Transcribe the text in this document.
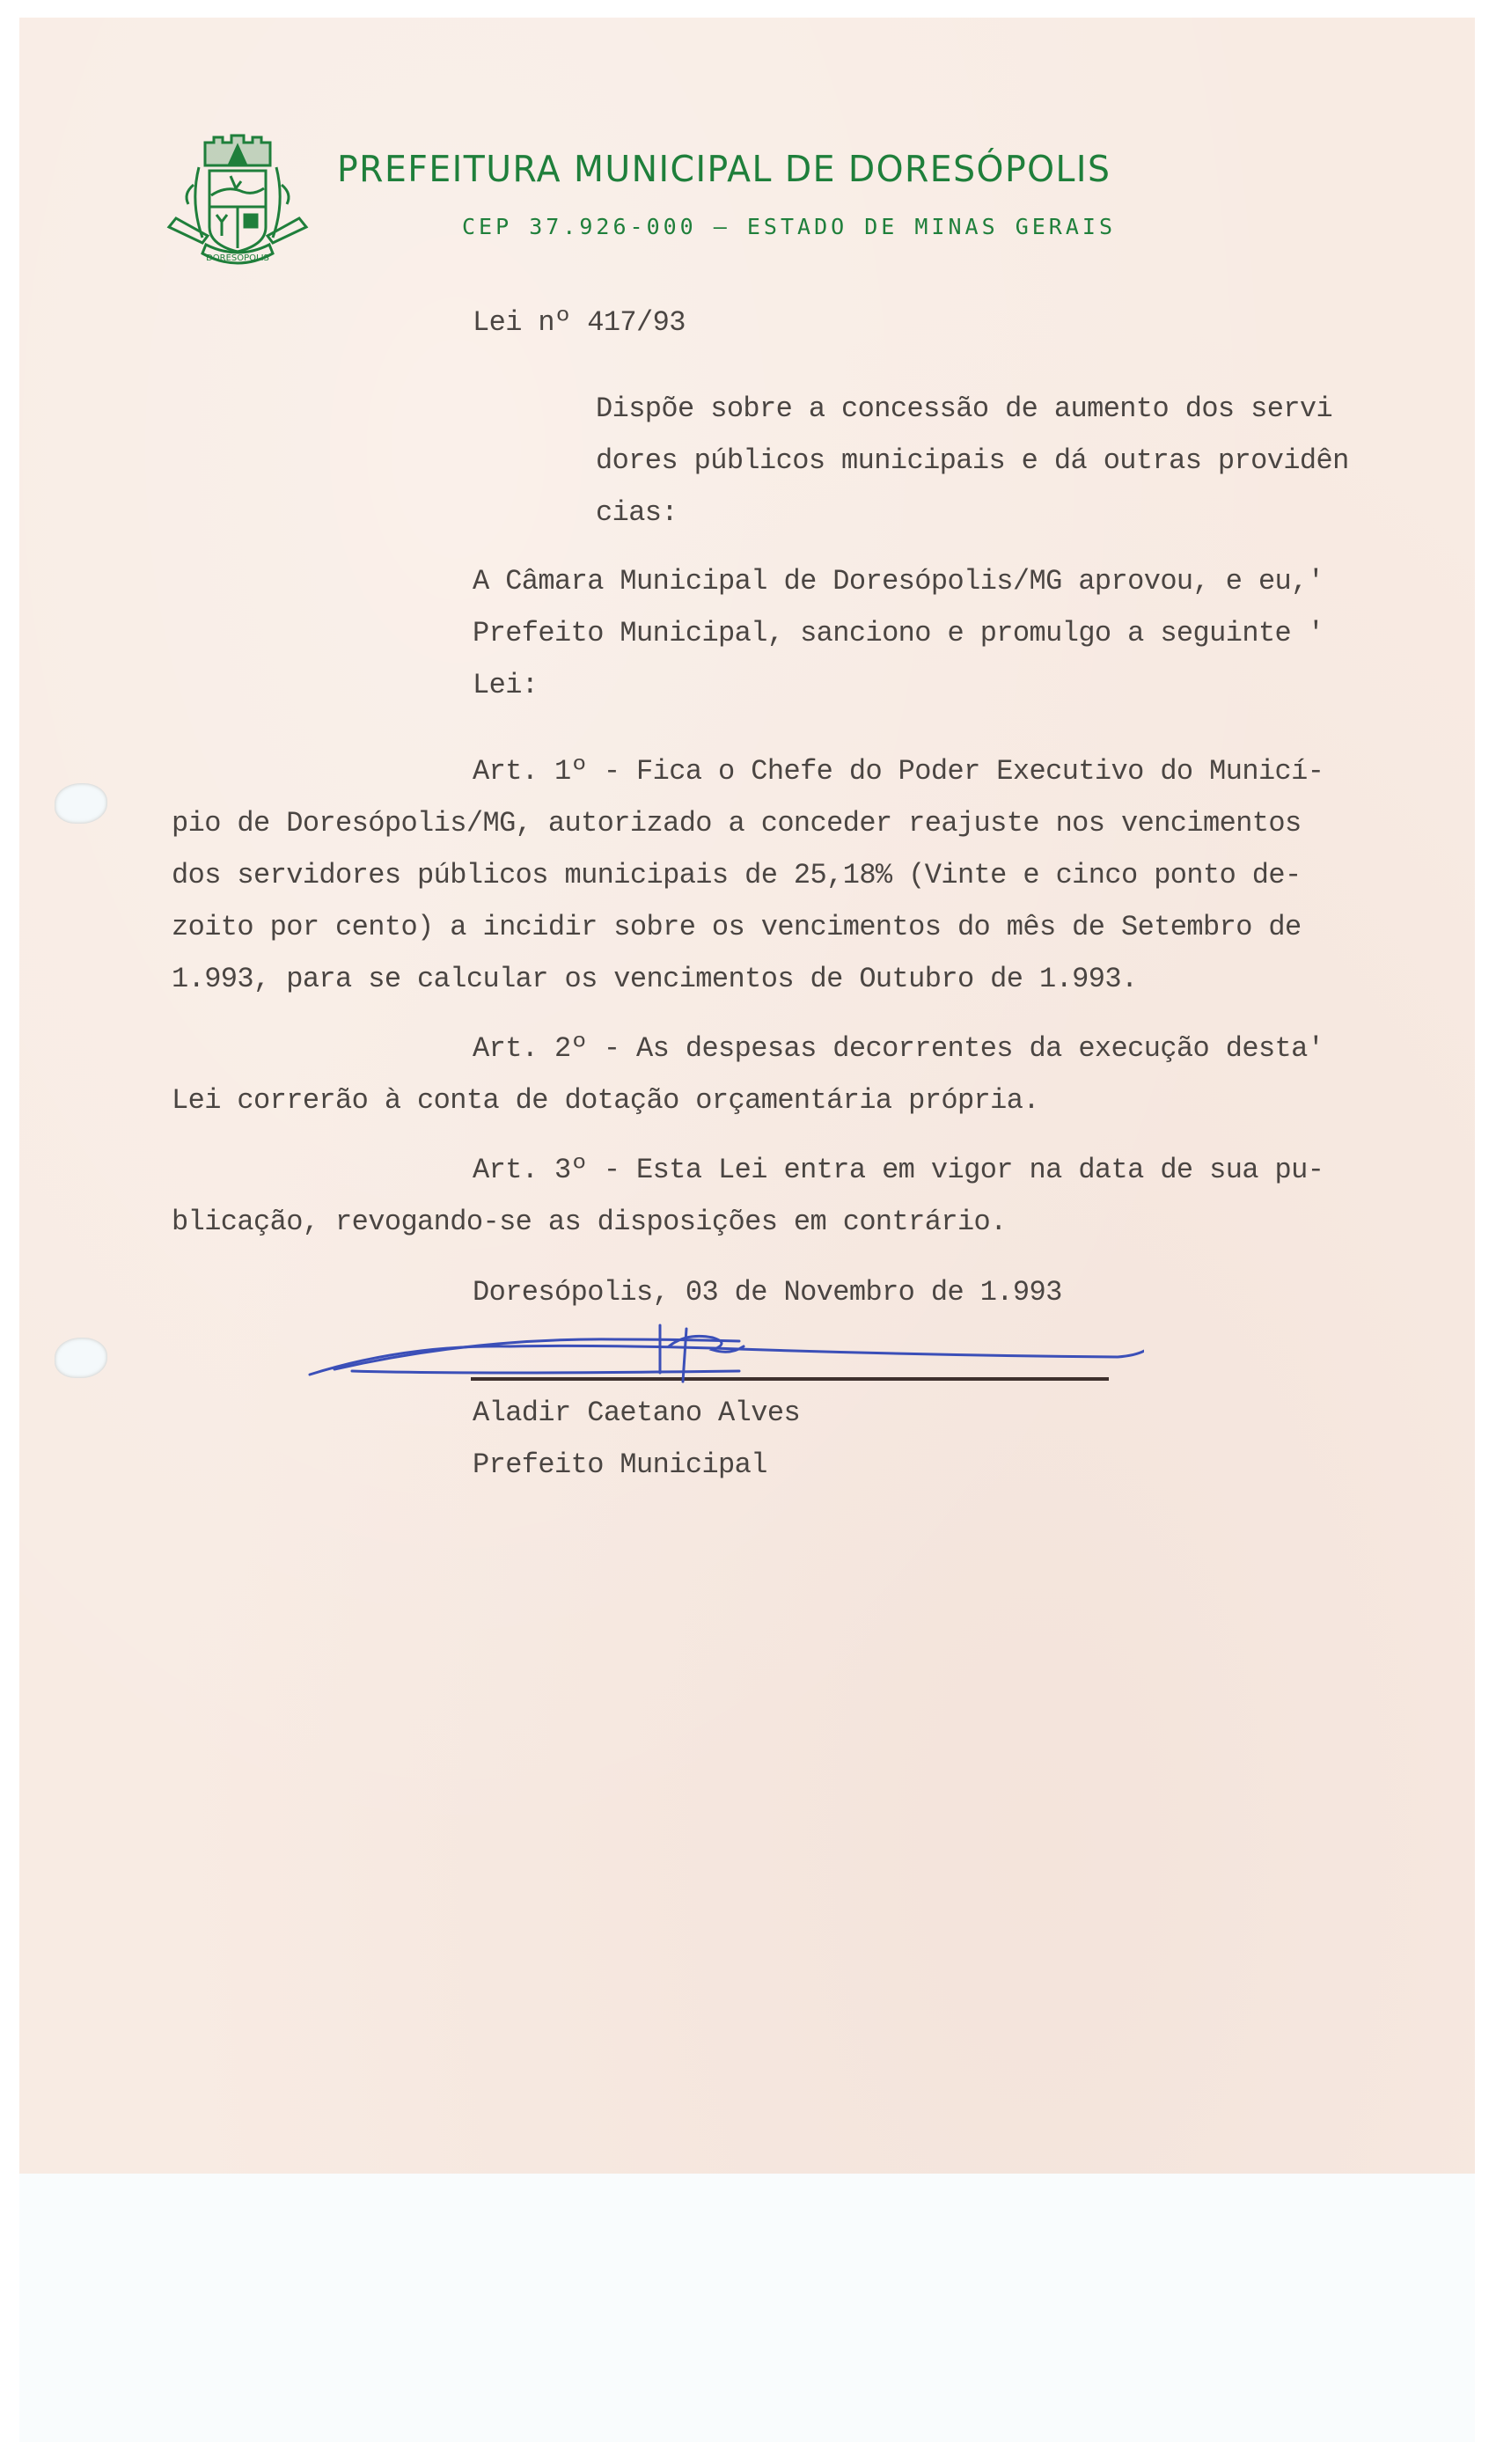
DORESÓPOLIS
PREFEITURA MUNICIPAL DE DORESÓPOLIS
CEP 37.926-000 – ESTADO DE MINAS GERAIS
Lei nº 417/93
Dispõe sobre a concessão de aumento dos servi
dores públicos municipais e dá outras providên
cias:
A Câmara Municipal de Doresópolis/MG aprovou, e eu,'
Prefeito Municipal, sanciono e promulgo a seguinte '
Lei:
Art. 1º - Fica o Chefe do Poder Executivo do Municí-
pio de Doresópolis/MG, autorizado a conceder reajuste nos vencimentos
dos servidores públicos municipais de 25,18% (Vinte e cinco ponto de-
zoito por cento) a incidir sobre os vencimentos do mês de Setembro de
1.993, para se calcular os vencimentos de Outubro de 1.993.
Art. 2º - As despesas decorrentes da execução desta'
Lei correrão à conta de dotação orçamentária própria.
Art. 3º - Esta Lei entra em vigor na data de sua pu-
blicação, revogando-se as disposições em contrário.
Doresópolis, 03 de Novembro de 1.993
Aladir Caetano Alves
Prefeito Municipal
